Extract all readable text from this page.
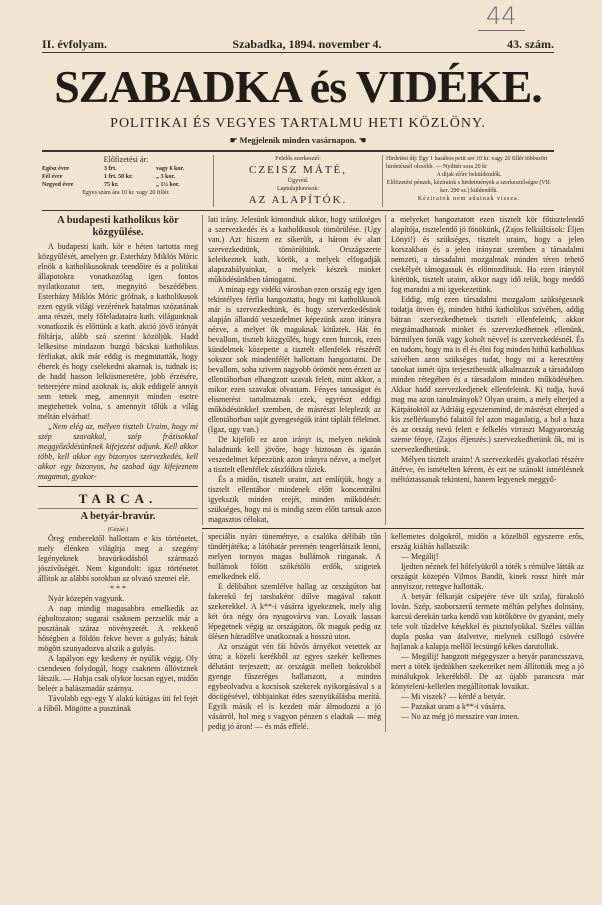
44
II. évfolyam.	Szabadka, 1894. november 4.	43. szám.
SZABADKA és VIDÉKE.
POLITIKAI ÉS VEGYES TARTALMU HETI KÖZLÖNY.
☛ Megjelenik minden vasárnapon. ☚
Előfizetési ár:
Egész évre	3 frt.	vagy 6 kor.
Fél évre	1 frt. 50 kr.	„ 3 kor.
Negyed évre	75 kr.	„ 1½ kor.
Egyes szám ára 10 kr. vagy 20 fillér.
Felelős szerkesztő:
CZEISZ MÁTÉ,
Ügyvéd.
Laptulajdonosok:
AZ ALAPÍTÓK.
Hirdetési díj: Egy 1 hasábos petit sor 10 kr. vagy 20 fillér többszöri hirdetésnél olcsóbb. — Nyilttér sora 20 kr
A díjak előre beküldendők.
Előfizetési pénzek, kéziratok s hirdetmények a szerkesztőségre (VII. ker. 290 sz.) küldendők.
Kéziratok nem adatnak vissza.
A budapesti katholikus kör közgyűlése.

A budapesti kath. kör e héten tartotta meg közgyűlését, amelyen gr. Esterházy Miklós Móric elnök a katholikusoknak teendőire és a politikai állapotokra vonatkozólag igen fontos nyilatkozatot tett, megnyitó beszédében. Esterházy Miklós Móric grófnak, a katholikusok ezen egyik világi vezérének hatalmas szózatának ama részét, mely főfeladataira kath. világunknak vonatkozik és előttünk a kath. akció jövő irányát föltárja, alább szó szerint közöljük. Hadd lelkesitse mindazon buzgó bácskai katholikus férfiakat, akik már eddig is megmutatták, hogy éberek és hogy cselekedni akarnak is, tudnak is; de hadd hasson lelkiismeretére, jobb érzésére, tetterejére mind azoknak is, akik eddigelé annyit sem tettek meg, amennyit minden esetre megtehettek volna, s amennyit tőlük a világ méltán elvárhat!

„Nem elég az, mélyen tisztelt Uraim, hogy mi szép szavakkal, szép frázisokkal meggyőződésünknek kifejezést adjunk. Kell akkor több, kell akkor egy bizonyos szervezkedés, kell akkor egy bizonyos, ha szabad úgy kifejeznem magamat, gyakor-

TARCA.
A betyár-bravúr.
(Gézáé.)

Öreg emberektől hallottam e kis történetet, mely élénken világítja meg a szegény legényeknek bravúrkodásból származó jószívűségét. Nem kigondolt: igaz történetet állítok az alábbi sorokban az olvasó szemei elé.

* * *

Nyár közepén vagyunk.

A nap mindig magasabbra emelkedik az égboltozaton; sugarai csaknem perzselik már a pusztának száraz növényzetét. A rekkenő hőségben a földön fekve hever a gulyás; hátuk mögött szunyadozva alszik a gulyás.

A lapályon egy keskeny ér nyúlik végig. Oly csendesen folydogál, hogy csaknem állóviznek látszik. — Habja csak olykor locsan egyet, midőn beleér a halászmadár szárnya.

Távolabb egy-egy Y alakú kútágas üti fel fejét a fűből. Mögötte a pusztának

lati irány. Jelesünk kimondtuk akkor, hogy szükséges a szervezkedés és a katholikusok tömörülése. (Ugy van.) Azt hiszem ez sikerült, a három év alatt szervezkedtünk, tömörültünk. Országszerte keletkeznek kath. körök, a melyek elfogadják alapszabályainkat, a melyek készek minket működésünkben támogatni.

A minap egy vidéki városban ezen ország egy igen tekintélyes férfia hangoztatta, hogy mi katholikusok már is szervezkedtünk, és hogy szervezkedésünk alapján állandó veszedelmet képezünk azon irányra nézve, a melyet ők maguknak kitűztek. Hát én bevallom, tisztelt közgyűlés, hogy ezen hurcok, ezen kündelmek közepette a tisztelt ellenfelek részéről sokszor sok mindenfélét hallottam hangoztatni. De bevallom, soha szivem nagyobb örömöt nem érzett az ellentáborban elhangzott szavak felett, mint akkor, a mikor ezen szavakat olvastam. Fényes tanuságot és elismerést tartalmaznak ezek, egyrészt eddigi működésünkkel szemben, de másrészt lelepleztk az ellentáborban saját gyengeségük iránt táplált félelmet. (Igaz, ugy van.)

De kijelöli ez azon irányt is, melyen nekünk haladnunk kell jövőre, hogy biztosan és igazán veszedelmet képezzünk azon irányra nézve, a melyet a tisztelt ellenfélek zászlóikra tűztek.

És a midőn, tisztelt uraim, azt említjük, hogy a tisztelt ellentábor mindenek előtt koncentrálni igyekszik minden erejét, minden működését: szükséges, hogy mi is mindig szem előtt tartsuk azon magasztos célokat,

a melyeket hangoztatott ezen tisztelt kör főtisztelendő alapítója, tisztelendő jó fönökünk, (Zajos felkiáltások: Éljen Lönyi!) és szükséges, tisztelt uraim, hogy a jelen korszakban és a jelen irányzat szemben a társadalmi nemzeti, a társadalmi mozgalmak minden téren tehető csekélyét támogassuk és előmozdítsuk. Ha ezen iránytól kitérünk, tisztelt uraim, akkor nagy idő telik, hogy meddő fog maradni a mi igyekezetünk.

Eddig, míg ezen társadalmi mozgalom szükségesnek tudatja ötven éj, minden hithű katholikus szívében, addig bátran szervezkedhetnek tisztelt ellenfeleink, akkor megtámadhatnak minket és szervezkedhetnek ellenünk, bármilyen fonák vagy koholt névvel is szervezkedésnél. És en tudom, hogy ma is él és élni fog minden hithű katholikus szívében azon szükséges tudat, hogy mi a keresztény tanokat ismét újra terjeszthessük alkalmazzuk a társadalom minden rétegében és a társadalom minden működésében. Akkor hadd szervezkedjenek ellenfeleink. Ki tudja, hová mag ma azon tanulmányok? Olyan uraim, a mely elterjed a Kárpátoktól az Adriáig egyszersmind, de másrészt elterjed a kis zsellérkunyhó falaitól fel azon magaslatig, a hol a haza és az ország nevú felett e felkelés virraszt Magyarország szeme fénye, (Zajos éljenzés.) szervezkedhetünk ők, mi is szervezkedhetünk.

Mélyen tisztelt uraim! A szervezkedés gyakorlati részére áttérve, én ismételten kérem, és ezt ne szánoki ismétlésnek méltóztassanak tekinteni, hanem legyenek meggyő-

speciális nyári tüneménye, a csalóka délibáb tűn tündérjátéka; a látóhatár peremén tengerlátszik lenni, melyen tornyos magas hullámok ringanak. A hullámok fölött szőkétölö erdők, szigetek emelkednek elő.

E délibábot szemlélve hallag az országúton hat fakerekű fej tarsbaként dűlve magával rakott szekerekkel. A k**-i vásárra igyekeznek, mely alig két óra négy óra nyugovárva van. Lovaik lassan lépegetnek végig az országúton, ők maguk pedig az ülésen hátradőlve unatkoznak a hosszú uton.

Az országút vén fái hűvös árnyékot vetettek az útra; a közeli kerékből az egyes szekér kellemes délutánt terjeszett; az országút mellett bokrokból gyenge fűszeréges hallatszott, a minden egybeolvadva a kocsisok szekerek nyikorgásával s a döcögésével, többjainkat édes szenyükálásba merítá. Egyik másik el is kezdett már álmodozni a jó vásárról, hol meg s vagyon pénzen s eladtak — még pedig jó áron! — és más effelé.

kellemetes dolgokról, midőn a közelből egyszerre erős, erszág kiáltás hallatszik:

— Megálij!

Ijedten néznek fel hőfelyükről a tóték s rémülve látták az országút közepén Vilmos Bandit, kinek rossz hírét már annyiszor, rettegve hallották.

A betyár félkarját csípejére téve ült szilaj, fürakoló lován. Szép, szoborszerű termete méltán pelyhes dolmány, karcsú derekán tarka kendő van kötőkötve öv gyanánt, mely tele volt tűzdelve késekkel és pisztolyokkal. Széles vállán dupla puska van átalvetve, melynek csillogó csövére hajlanak a kalapja mellől lecsüngő kékes darutollak.

— Megálij! hangzott mégegyszer a betyár parancsszava, mert a tóték ijedtükben szekereiket nem állították meg a jó minálukpok lekerékből. De az újabb parancsra már könyteleni-kelletlen megállítottak lovaikat.

— Mi viszek? — kérdé a betyár.

— Pazakat uram a k**-i vásárra.

— No az még jó messzire van innen.
